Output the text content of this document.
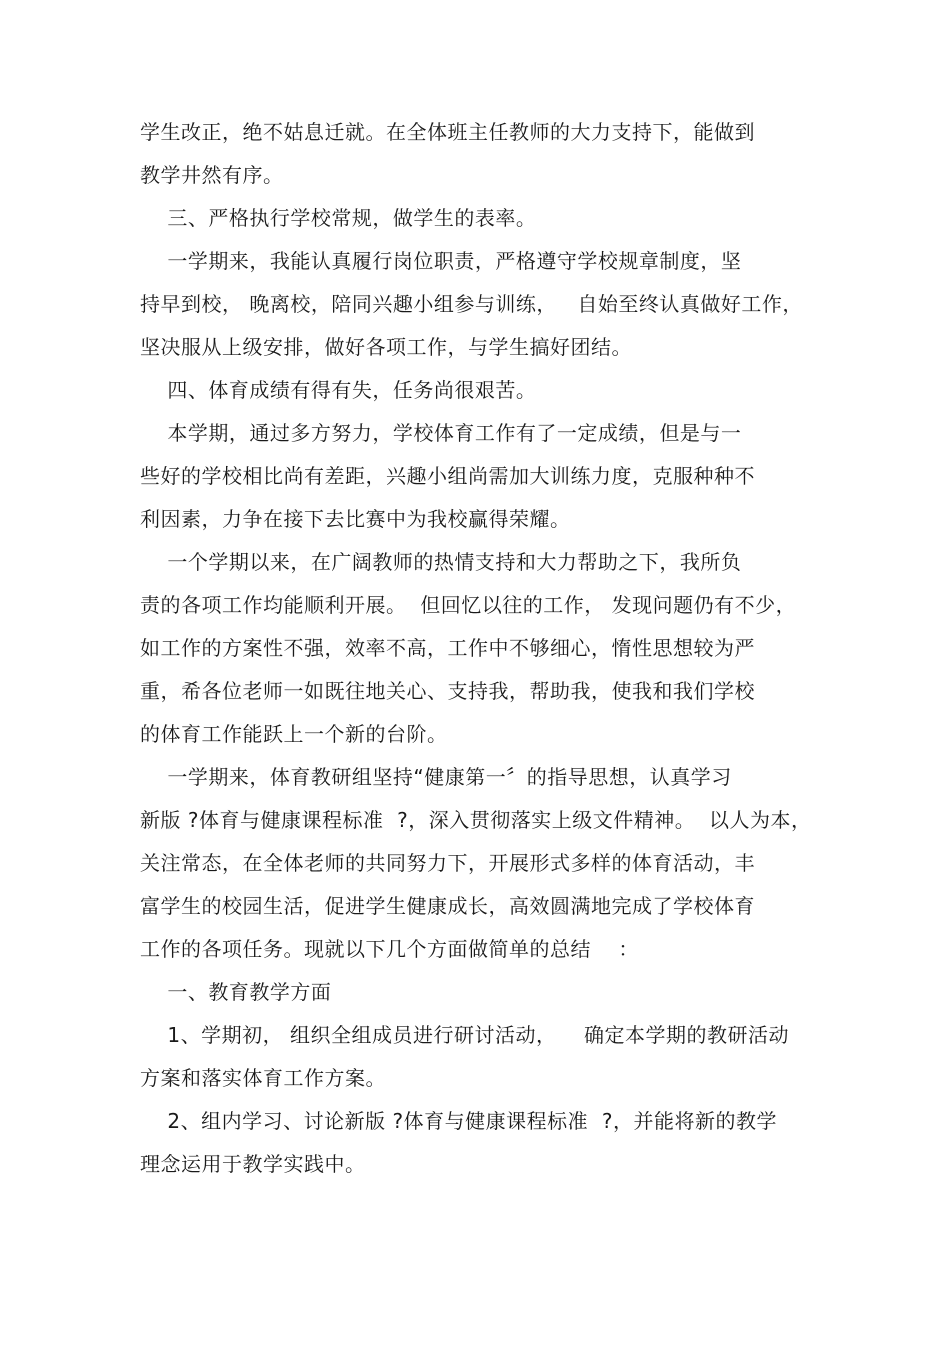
学生改正，绝不姑息迁就。在全体班主任教师的大力支持下，能做到
教学井然有序。
三、严格执行学校常规，做学生的表率。
一学期来，我能认真履行岗位职责，严格遵守学校规章制度，坚
持早到校， 晚离校，陪同兴趣小组参与训练，   自始至终认真做好工作，
坚决服从上级安排，做好各项工作，与学生搞好团结。
四、体育成绩有得有失，任务尚很艰苦。
本学期，通过多方努力，学校体育工作有了一定成绩，但是与一
些好的学校相比尚有差距，兴趣小组尚需加大训练力度，克服种种不
利因素，力争在接下去比赛中为我校赢得荣耀。
一个学期以来，在广阔教师的热情支持和大力帮助之下，我所负
责的各项工作均能顺利开展。  但回忆以往的工作， 发现问题仍有不少，
如工作的方案性不强，效率不高，工作中不够细心，惰性思想较为严
重，希各位老师一如既往地关心、支持我，帮助我，使我和我们学校
的体育工作能跃上一个新的台阶。
一学期来，体育教研组坚持“健康第一〞的指导思想，认真学习
新版 ?体育与健康课程标准  ?，深入贯彻落实上级文件精神。  以人为本，
关注常态，在全体老师的共同努力下，开展形式多样的体育活动，丰
富学生的校园生活，促进学生健康成长，高效圆满地完成了学校体育
工作的各项任务。现就以下几个方面做简单的总结    ：
一、教育教学方面
1、学期初， 组织全组成员进行研讨活动，    确定本学期的教研活动
方案和落实体育工作方案。
2、组内学习、讨论新版 ?体育与健康课程标准  ?，并能将新的教学
理念运用于教学实践中。
